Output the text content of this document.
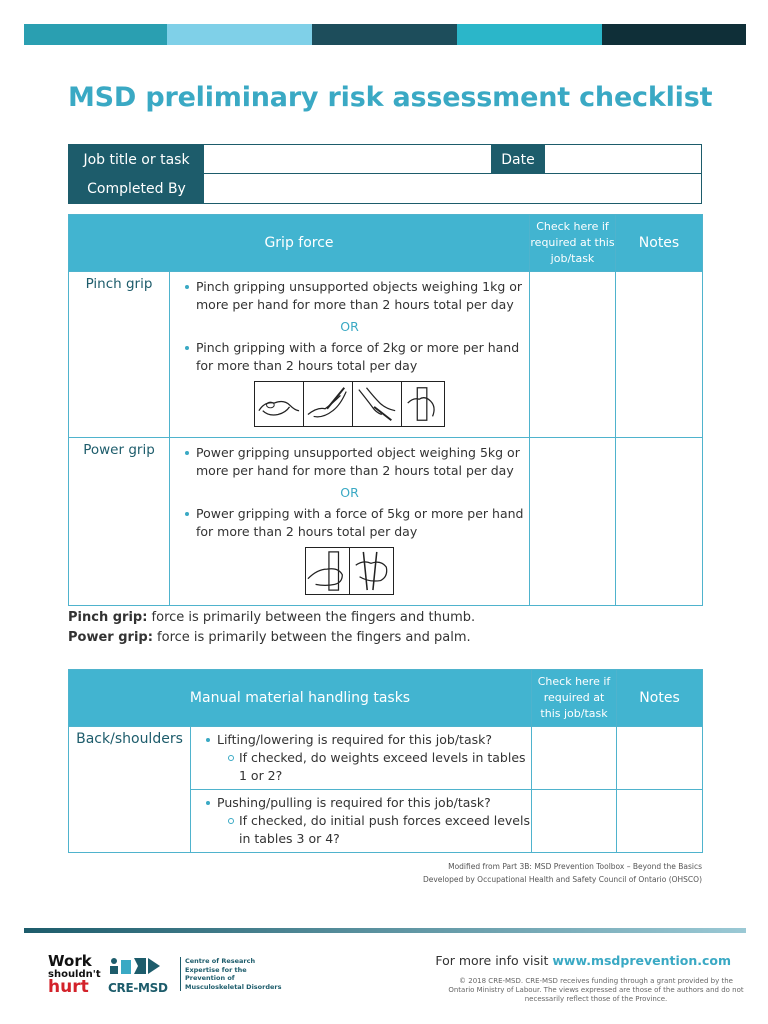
MSD preliminary risk assessment checklist
Job title or task	Date
Completed By
Grip force		Check here if required at this job/task	Notes
Pinch grip	Pinch gripping unsupported objects weighing 1kg or more per hand for more than 2 hours total per day
OR
Pinch gripping with a force of 2kg or more per hand for more than 2 hours total per day		

Power grip	Power gripping unsupported object weighing 5kg or more per hand for more than 2 hours total per day
OR
Power gripping with a force of 5kg or more per hand for more than 2 hours total per day		

Pinch grip: force is primarily between the fingers and thumb.
Power grip: force is primarily between the fingers and palm.
Manual material handling tasks		Check here if required at this job/task	Notes
Back/shoulders	Lifting/lowering is required for this job/task?
If checked, do weights exceed levels in tables 1 or 2?		

Pushing/pulling is required for this job/task?
If checked, do initial push forces exceed levels in tables 3 or 4?		

Modified from Part 3B: MSD Prevention Toolbox – Beyond the Basics
Developed by Occupational Health and Safety Council of Ontario (OHSCO)
Work
shouldn't
hurt	CRE-MSD
Centre of Research
Expertise for the
Prevention of
Musculoskeletal Disorders
For more info visit www.msdprevention.com
© 2018 CRE-MSD. CRE-MSD receives funding through a grant provided by the Ontario Ministry of Labour. The views expressed are those of the authors and do not necessarily reflect those of the Province.
